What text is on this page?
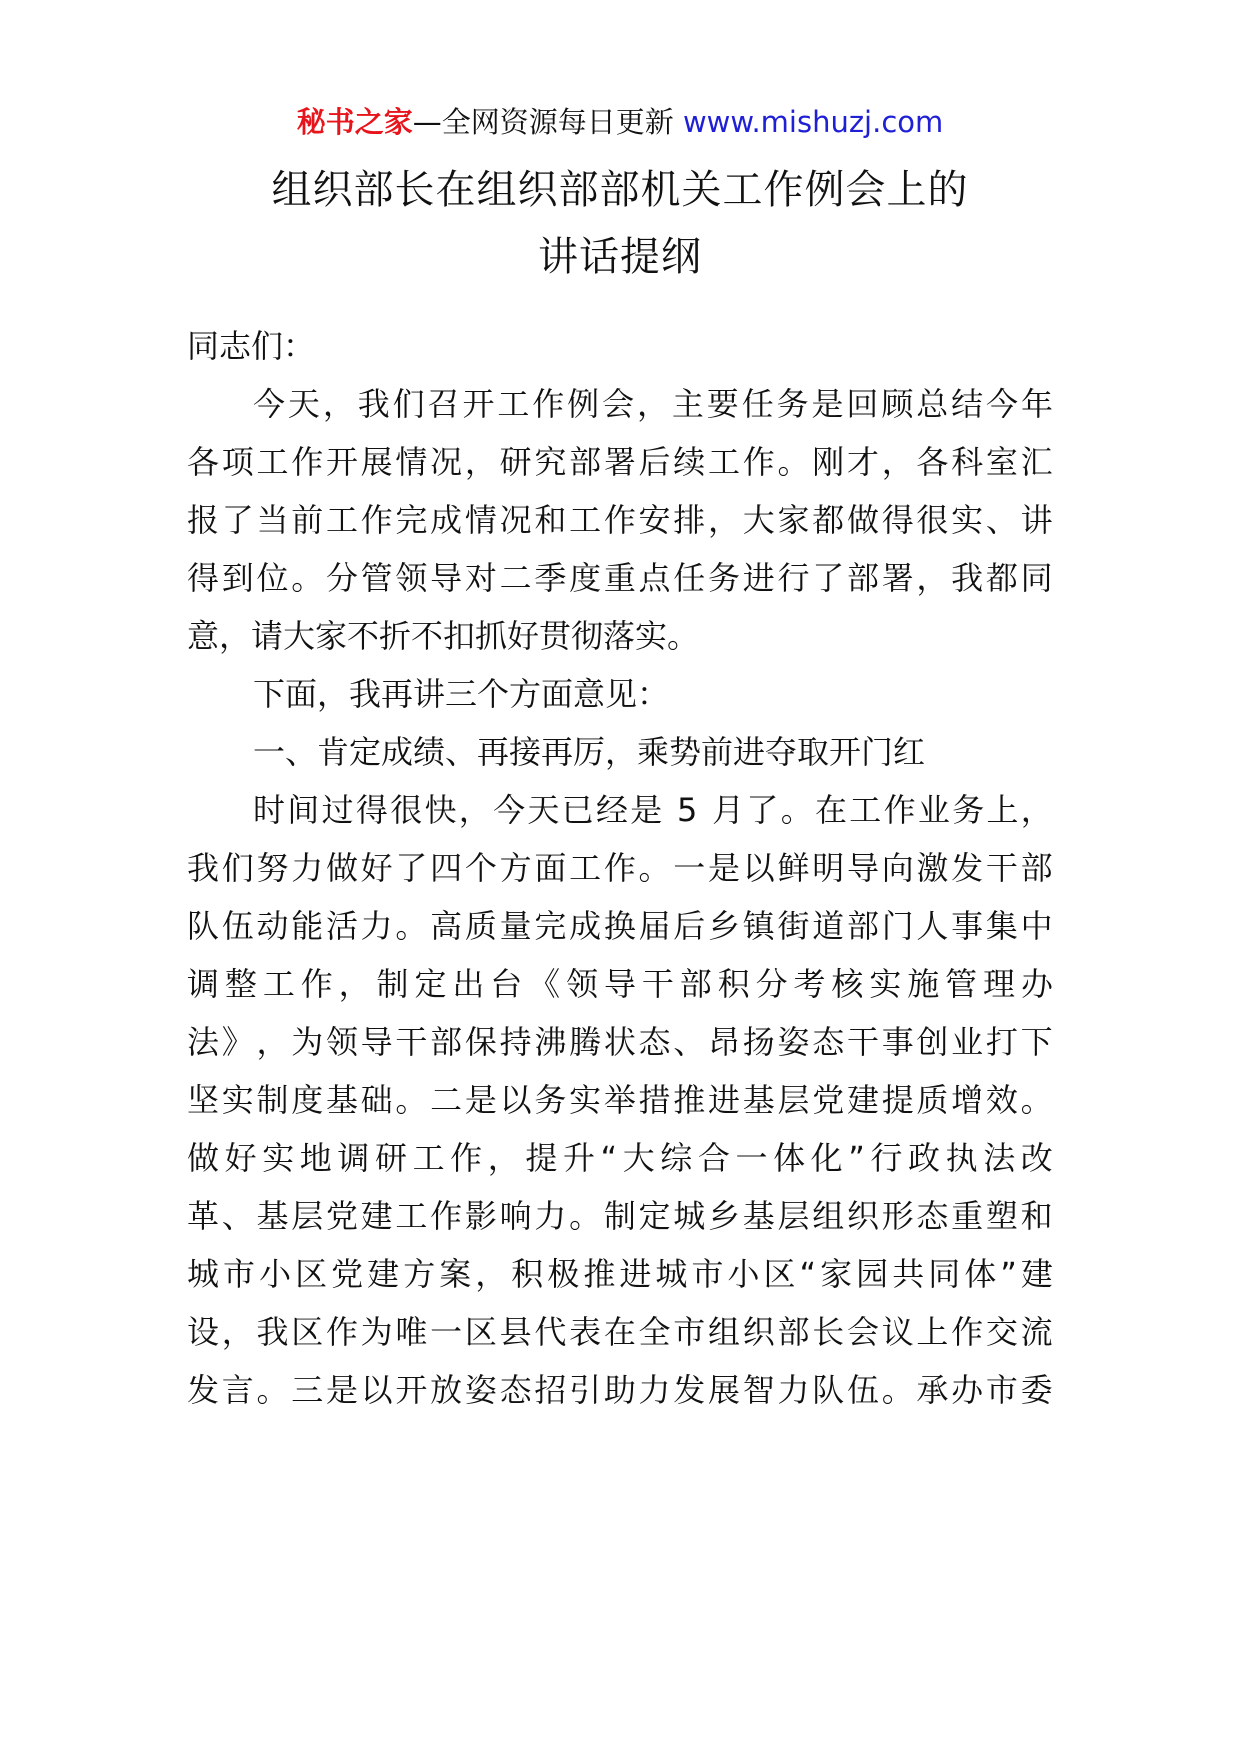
秘书之家—全网资源每日更新 www.mishuzj.com
组织部长在组织部部机关工作例会上的
讲话提纲
同志们：
今 天 ， 我 们 召 开 工 作 例 会 ， 主 要 任 务 是 回 顾 总 结 今 年
各 项 工 作 开 展 情 况 ， 研 究 部 署 后 续 工 作 。 刚 才 ， 各 科 室 汇
报 了 当 前 工 作 完 成 情 况 和 工 作 安 排 ， 大 家 都 做 得 很 实 、 讲
得 到 位 。 分 管 领 导 对 二 季 度 重 点 任 务 进 行 了 部 署 ， 我 都 同
意，请大家不折不扣抓好贯彻落实。
下面，我再讲三个方面意见：
一、肯定成绩、再接再厉，乘势前进夺取开门红
时 间 过 得 很 快 ， 今 天 已 经 是
5
月 了 。 在 工 作 业 务 上 ，
我 们 努 力 做 好 了 四 个 方 面 工 作 。 一 是 以 鲜 明 导 向 激 发 干 部
队 伍 动 能 活 力 。 高 质 量 完 成 换 届 后 乡 镇 街 道 部 门 人 事 集 中
调 整 工 作 ， 制 定 出 台 《 领 导 干 部 积 分 考 核 实 施 管 理 办
法 》 ， 为 领 导 干 部 保 持 沸 腾 状 态 、 昂 扬 姿 态 干 事 创 业 打 下
坚 实 制 度 基 础 。 二 是 以 务 实 举 措 推 进 基 层 党 建 提 质 增 效 。
做 好 实 地 调 研 工 作 ， 提 升 “ 大 综 合 一 体 化 ” 行 政 执 法 改
革 、 基 层 党 建 工 作 影 响 力 。 制 定 城 乡 基 层 组 织 形 态 重 塑 和
城 市 小 区 党 建 方 案 ， 积 极 推 进 城 市 小 区 “ 家 园 共 同 体 ” 建
设 ， 我 区 作 为 唯 一 区 县 代 表 在 全 市 组 织 部 长 会 议 上 作 交 流
发 言 。 三 是 以 开 放 姿 态 招 引 助 力 发 展 智 力 队 伍 。 承 办 市 委
